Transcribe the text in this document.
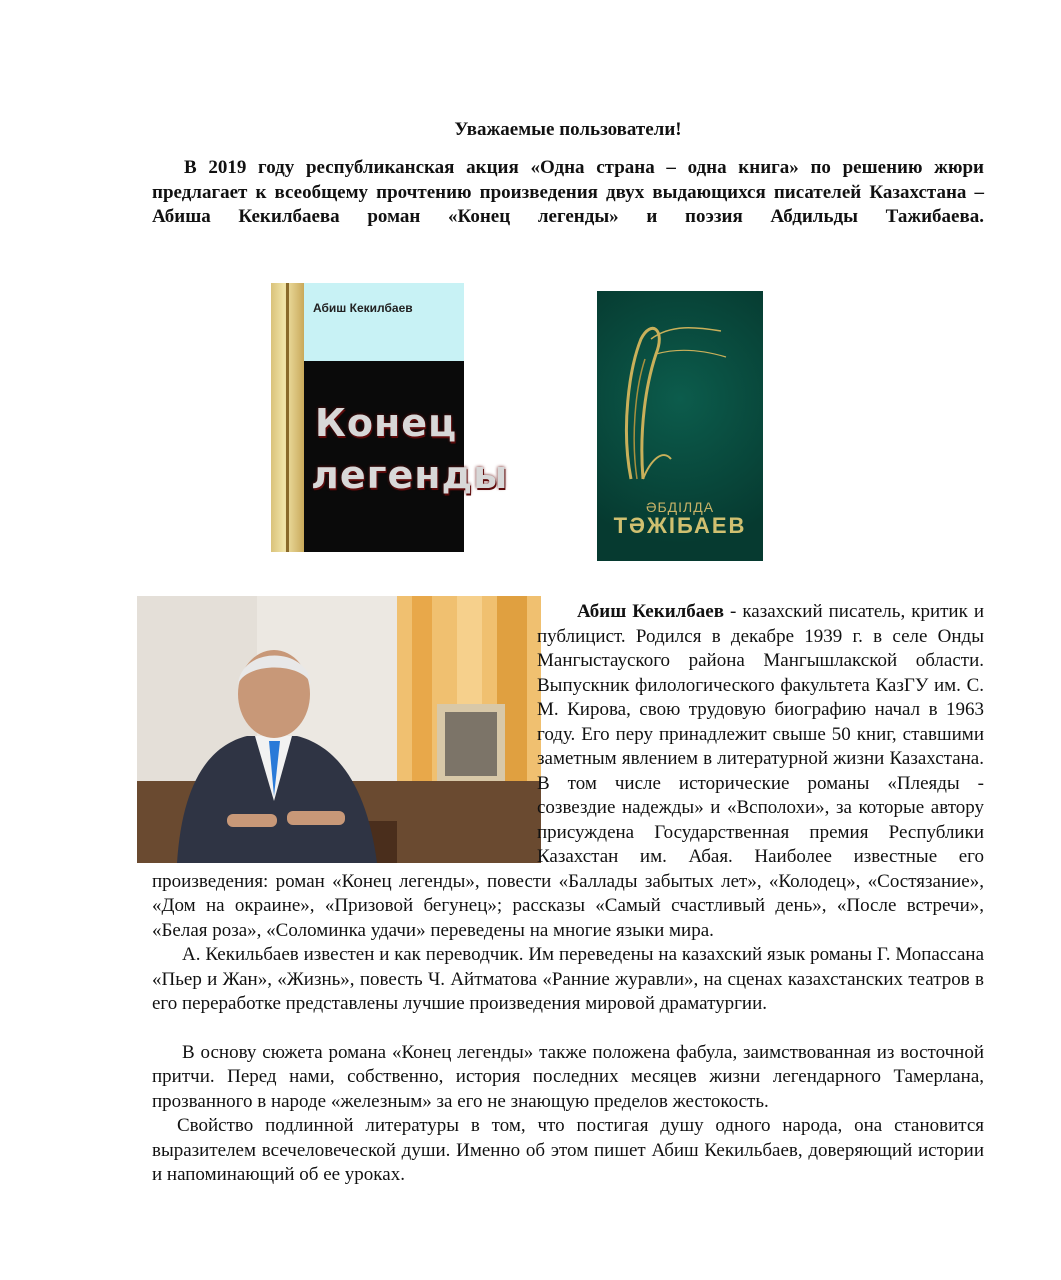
Уважаемые пользователи!

В 2019 году республиканская акция «Одна страна – одна книга» по решению жюри предлагает к всеобщему прочтению произведения двух выдающихся писателей Казахстана – Абиша Кекилбаева роман «Конец легенды» и поэзия Абдильды Тажибаева.

Абиш Кекилбаев
Конец
легенды
ӘБДІЛДА
ТӘЖІБАЕВ

Абиш Кекилбаев - казахский писатель, критик и публицист. Родился в декабре 1939 г. в селе Онды Мангыстауского района Мангышлакской области. Выпускник филологического факультета КазГУ им. С. М. Кирова, свою трудовую биографию начал в 1963 году. Его перу принадлежит свыше 50 книг, ставшими заметным явлением в литературной жизни Казахстана. В том числе исторические романы «Плеяды - созвездие надежды» и «Всполохи», за которые автору присуждена Государственная премия Республики Казахстан им. Абая. Наиболее известные его произведения: роман «Конец легенды», повести «Баллады забытых лет», «Колодец», «Состязание», «Дом на окраине», «Призовой бегунец»; рассказы «Самый счастливый день», «После встречи», «Белая роза», «Соломинка удачи» переведены на многие языки мира.

А. Кекильбаев известен и как переводчик. Им переведены на казахский язык романы Г. Мопассана «Пьер и Жан», «Жизнь», повесть Ч. Айтматова «Ранние журавли», на сценах казахстанских театров в его переработке представлены лучшие произведения мировой драматургии.

В основу сюжета романа «Конец легенды» также положена фабула, заимствованная из восточной притчи. Перед нами, собственно, история последних месяцев жизни легендарного Тамерлана, прозванного в народе «железным» за его не знающую пределов жестокость.

Свойство подлинной литературы в том, что постигая душу одного народа, она становится выразителем всечеловеческой души. Именно об этом пишет Абиш Кекильбаев, доверяющий истории и напоминающий об ее уроках.
